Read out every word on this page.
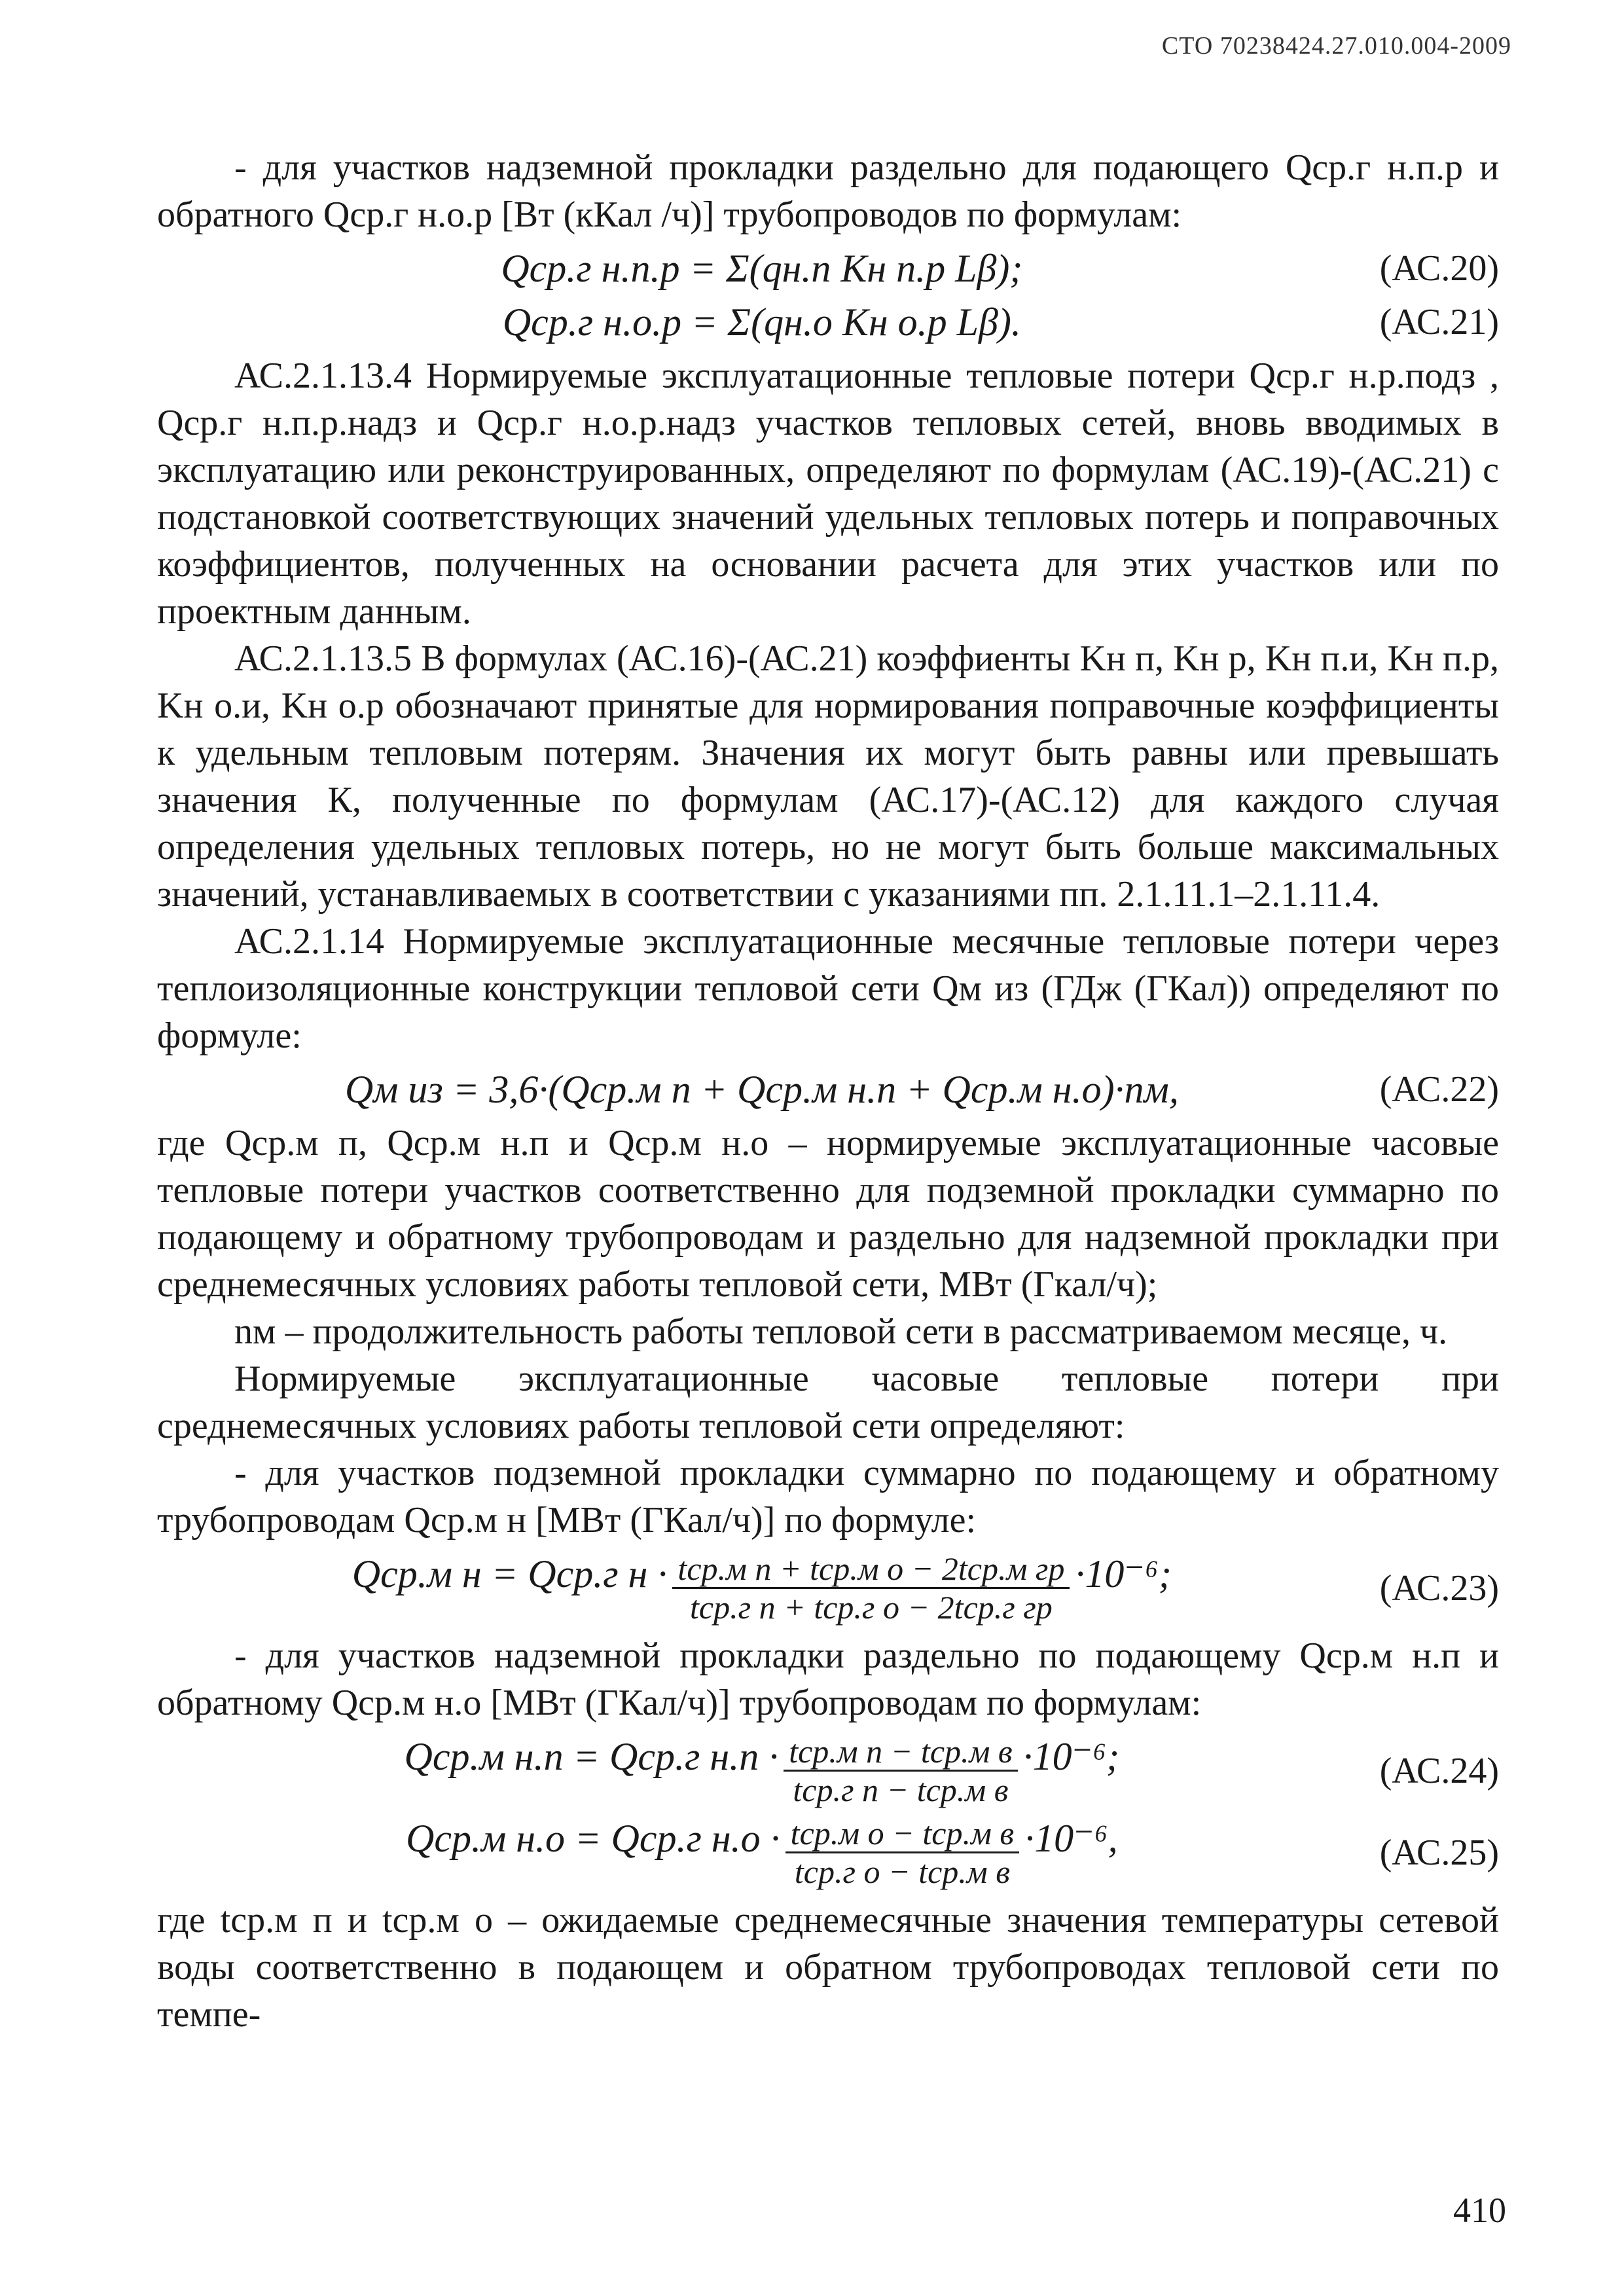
СТО 70238424.27.010.004-2009

- для участков надземной прокладки раздельно для подающего Qср.г н.п.р и обратного Qср.г н.о.р [Вт (кКал /ч)] трубопроводов по формулам:

Qср.г н.п.р = Σ(qн.п Kн п.р Lβ);	(АС.20)
Qср.г н.о.р = Σ(qн.о Kн о.р Lβ).	(АС.21)

АС.2.1.13.4 Нормируемые эксплуатационные тепловые потери Qср.г н.р.подз , Qср.г н.п.р.надз и Qср.г н.о.р.надз участков тепловых сетей, вновь вводимых в эксплуатацию или реконструированных, определяют по формулам (АС.19)-(АС.21) с подстановкой соответствующих значений удельных тепловых потерь и поправочных коэффициентов, полученных на основании расчета для этих участков или по проектным данным.

АС.2.1.13.5 В формулах (АС.16)-(АС.21) коэффиенты Kн п, Kн р, Kн п.и, Kн п.р, Kн о.и, Kн о.р обозначают принятые для нормирования поправочные коэффициенты к удельным тепловым потерям. Значения их могут быть равны или превышать значения К, полученные по формулам (АС.17)-(АС.12) для каждого случая определения удельных тепловых потерь, но не могут быть больше максимальных значений, устанавливаемых в соответствии с указаниями пп. 2.1.11.1–2.1.11.4.

АС.2.1.14 Нормируемые эксплуатационные месячные тепловые потери через теплоизоляционные конструкции тепловой сети Qм из (ГДж (ГКал)) определяют по формуле:

Qм из = 3,6·(Qср.м п + Qср.м н.п + Qср.м н.о)·nм,	(АС.22)

где Qср.м п, Qср.м н.п и Qср.м н.о – нормируемые эксплуатационные часовые тепловые потери участков соответственно для подземной прокладки суммарно по подающему и обратному трубопроводам и раздельно для надземной прокладки при среднемесячных условиях работы тепловой сети, МВт (Гкал/ч);

nм – продолжительность работы тепловой сети в рассматриваемом месяце, ч.

Нормируемые эксплуатационные часовые тепловые потери при среднемесячных условиях работы тепловой сети определяют:

- для участков подземной прокладки суммарно по подающему и обратному трубопроводам Qср.м н [МВт (ГКал/ч)] по формуле:

Qср.м н = Qср.г $н \cdot \frac{\text{tср.м п + tср.м о − 2tср.м гр}}{\text{tср.г п + tср.г о − 2tср.г гр}} \cdot 10^{-6}$;	(АС.23)

- для участков надземной прокладки раздельно по подающему Qср.м н.п и обратному Qср.м н.о [МВт (ГКал/ч)] трубопроводам по формулам:

Qср.м н.п = Qср.г $н.п \cdot \frac{\text{tср.м п − tср.м в}}{\text{tср.г п − tср.м в}} \cdot 10^{-6}$;	(АС.24)
Qср.м н.о = Qср.г $н.о \cdot \frac{\text{tср.м о − tср.м в}}{\text{tср.г о − tср.м в}} \cdot 10^{-6}$,	(АС.25)

где tср.м п и tср.м о – ожидаемые среднемесячные значения температуры сетевой воды соответственно в подающем и обратном трубопроводах тепловой сети по темпе-

410
